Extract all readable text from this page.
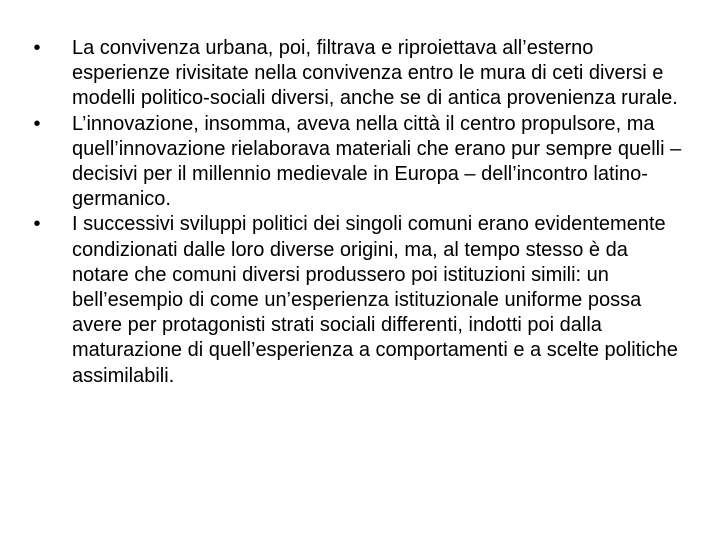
• La convivenza urbana, poi, filtrava e riproiettava all’esterno esperienze rivisitate nella convivenza entro le mura di ceti diversi e modelli politico-sociali diversi, anche se di antica provenienza rurale.
• L’innovazione, insomma, aveva nella città il centro propulsore, ma quell’innovazione rielaborava materiali che erano pur sempre quelli – decisivi per il millennio medievale in Europa – dell’incontro latino-germanico.
• I successivi sviluppi politici dei singoli comuni erano evidentemente condizionati dalle loro diverse origini, ma, al tempo stesso è da notare che comuni diversi produssero poi istituzioni simili: un bell’esempio di come un’esperienza istituzionale uniforme possa avere per protagonisti strati sociali differenti, indotti poi dalla maturazione di quell’esperienza a comportamenti e a scelte politiche assimilabili.
